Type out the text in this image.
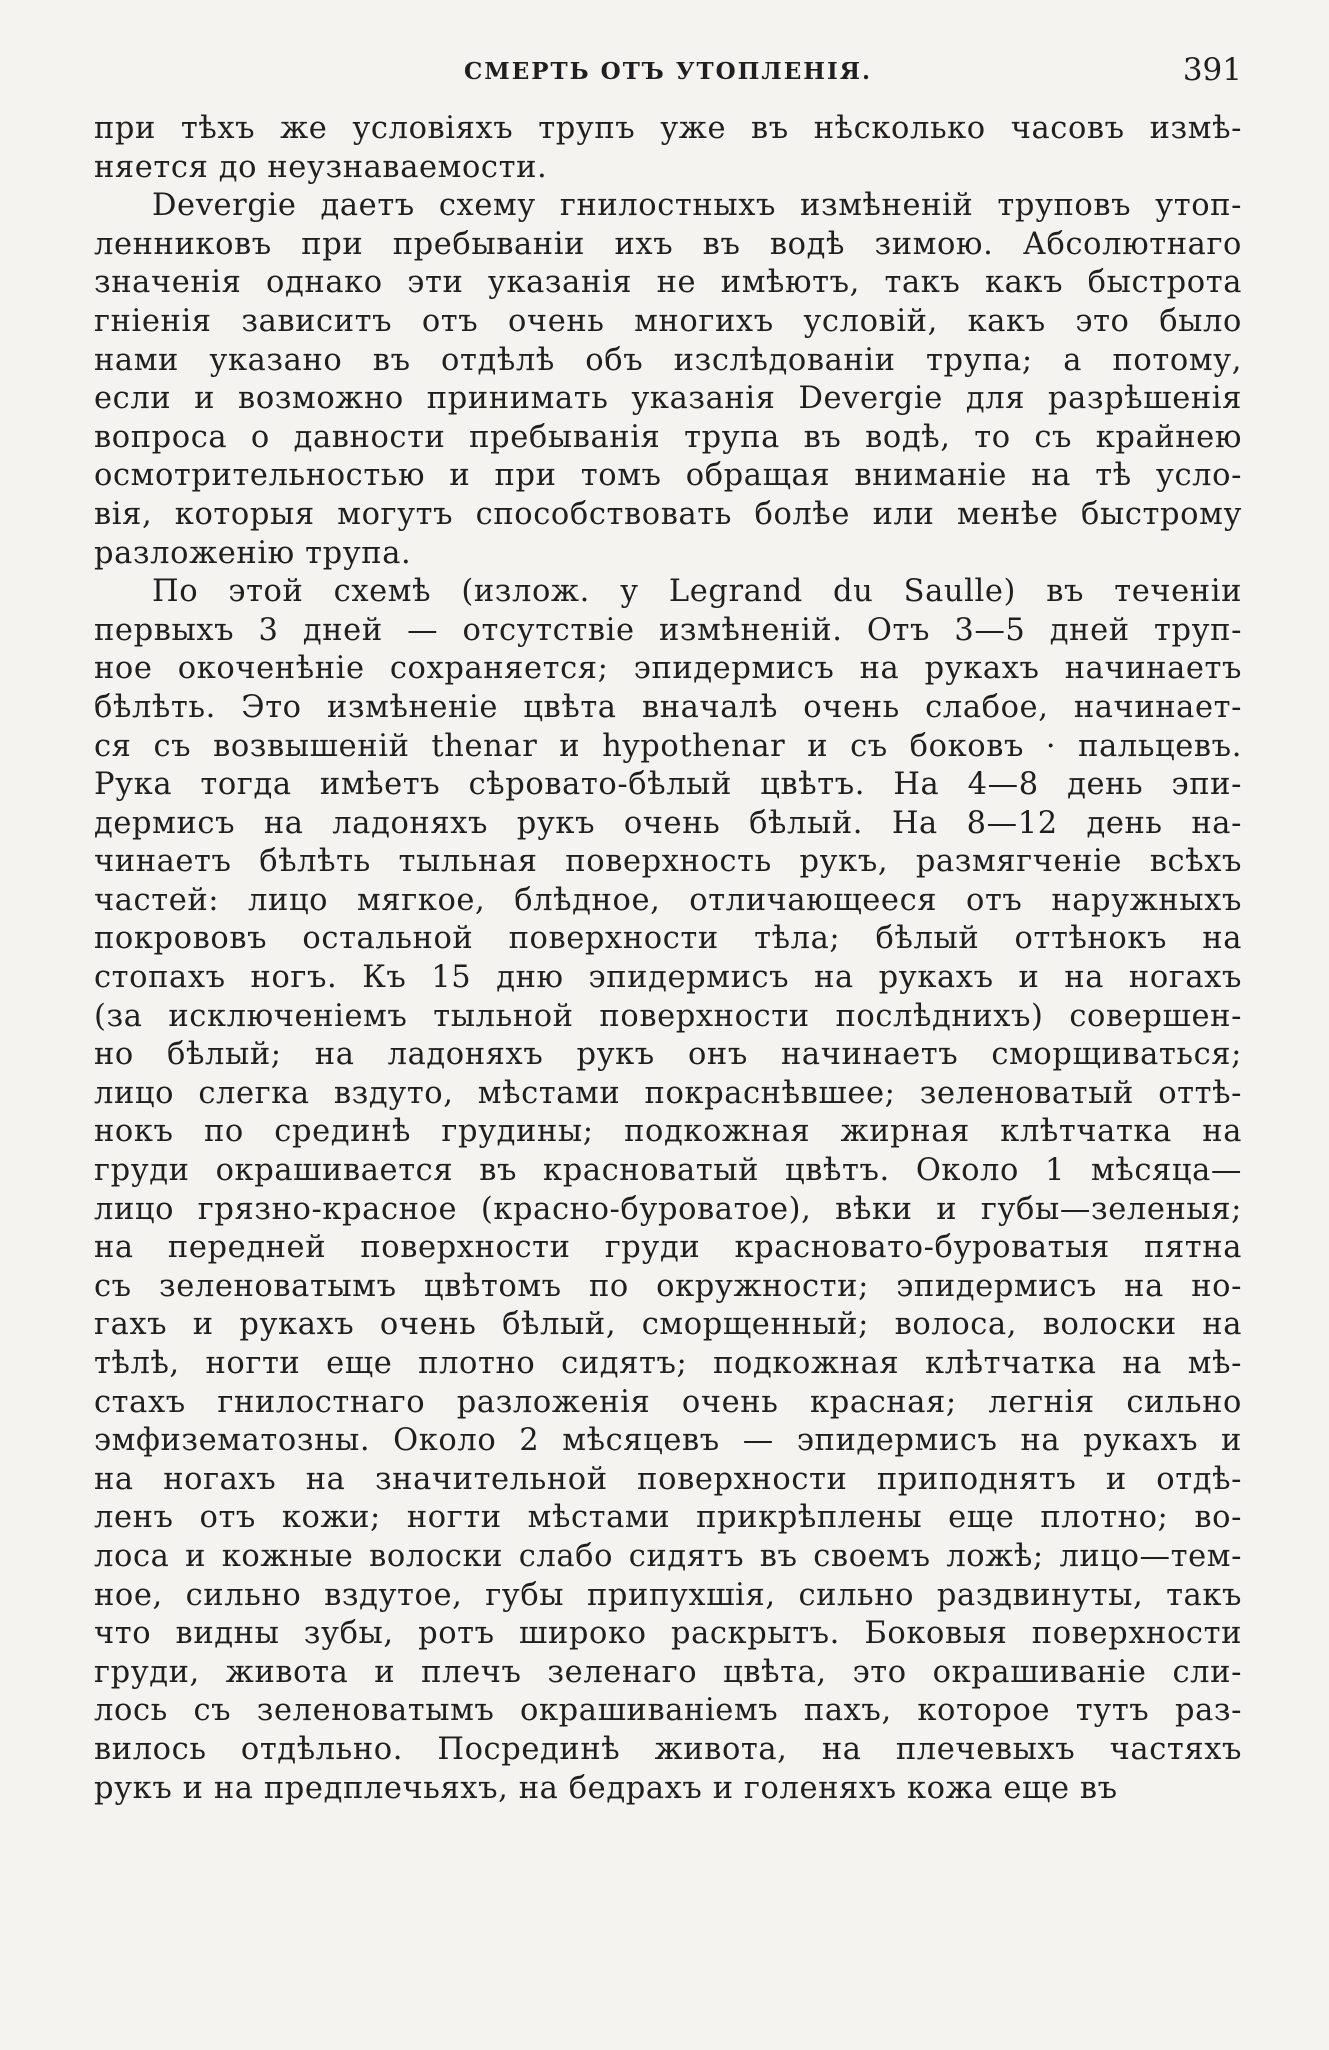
СМЕРТЬ ОТЪ УТОПЛЕНІЯ.	391
при тѣхъ же условіяхъ трупъ уже въ нѣсколько часовъ измѣ-
няется до неузнаваемости.
Devergie даетъ схему гнилостныхъ измѣненій труповъ утоп-
ленниковъ при пребываніи ихъ въ водѣ зимою. Абсолютнаго
значенія однако эти указанія не имѣютъ, такъ какъ быстрота
гніенія зависитъ отъ очень многихъ условій, какъ это было
нами указано въ отдѣлѣ объ изслѣдованіи трупа; а потому,
если и возможно принимать указанія Devergie для разрѣшенія
вопроса о давности пребыванія трупа въ водѣ, то съ крайнею
осмотрительностью и при томъ обращая вниманіе на тѣ усло-
вія, которыя могутъ способствовать болѣе или менѣе быстрому
разложенію трупа.
По этой схемѣ (излож. у Legrand du Saulle) въ теченіи
первыхъ 3 дней — отсутствіе измѣненій. Отъ 3—5 дней труп-
ное окоченѣніе сохраняется; эпидермисъ на рукахъ начинаетъ
бѣлѣть. Это измѣненіе цвѣта вначалѣ очень слабое, начинает-
ся съ возвышеній thenar и hypothenar и съ боковъ · пальцевъ.
Рука тогда имѣетъ сѣровато-бѣлый цвѣтъ. На 4—8 день эпи-
дермисъ на ладоняхъ рукъ очень бѣлый. На 8—12 день на-
чинаетъ бѣлѣть тыльная поверхность рукъ, размягченіе всѣхъ
частей: лицо мягкое, блѣдное, отличающееся отъ наружныхъ
покрововъ остальной поверхности тѣла; бѣлый оттѣнокъ на
стопахъ ногъ. Къ 15 дню эпидермисъ на рукахъ и на ногахъ
(за исключеніемъ тыльной поверхности послѣднихъ) совершен-
но бѣлый; на ладоняхъ рукъ онъ начинаетъ сморщиваться;
лицо слегка вздуто, мѣстами покраснѣвшее; зеленоватый оттѣ-
нокъ по срединѣ грудины; подкожная жирная клѣтчатка на
груди окрашивается въ красноватый цвѣтъ. Около 1 мѣсяца—
лицо грязно-красное (красно-буроватое), вѣки и губы—зеленыя;
на передней поверхности груди красновато-буроватыя пятна
съ зеленоватымъ цвѣтомъ по окружности; эпидермисъ на но-
гахъ и рукахъ очень бѣлый, сморщенный; волоса, волоски на
тѣлѣ, ногти еще плотно сидятъ; подкожная клѣтчатка на мѣ-
стахъ гнилостнаго разложенія очень красная; легнія сильно
эмфизематозны. Около 2 мѣсяцевъ — эпидермисъ на рукахъ и
на ногахъ на значительной поверхности приподнятъ и отдѣ-
ленъ отъ кожи; ногти мѣстами прикрѣплены еще плотно; во-
лоса и кожные волоски слабо сидятъ въ своемъ ложѣ; лицо—тем-
ное, сильно вздутое, губы припухшія, сильно раздвинуты, такъ
что видны зубы, ротъ широко раскрытъ. Боковыя поверхности
груди, живота и плечъ зеленаго цвѣта, это окрашиваніе сли-
лось съ зеленоватымъ окрашиваніемъ пахъ, которое тутъ раз-
вилось отдѣльно. Посрединѣ живота, на плечевыхъ частяхъ
рукъ и на предплечьяхъ, на бедрахъ и голеняхъ кожа еще въ
